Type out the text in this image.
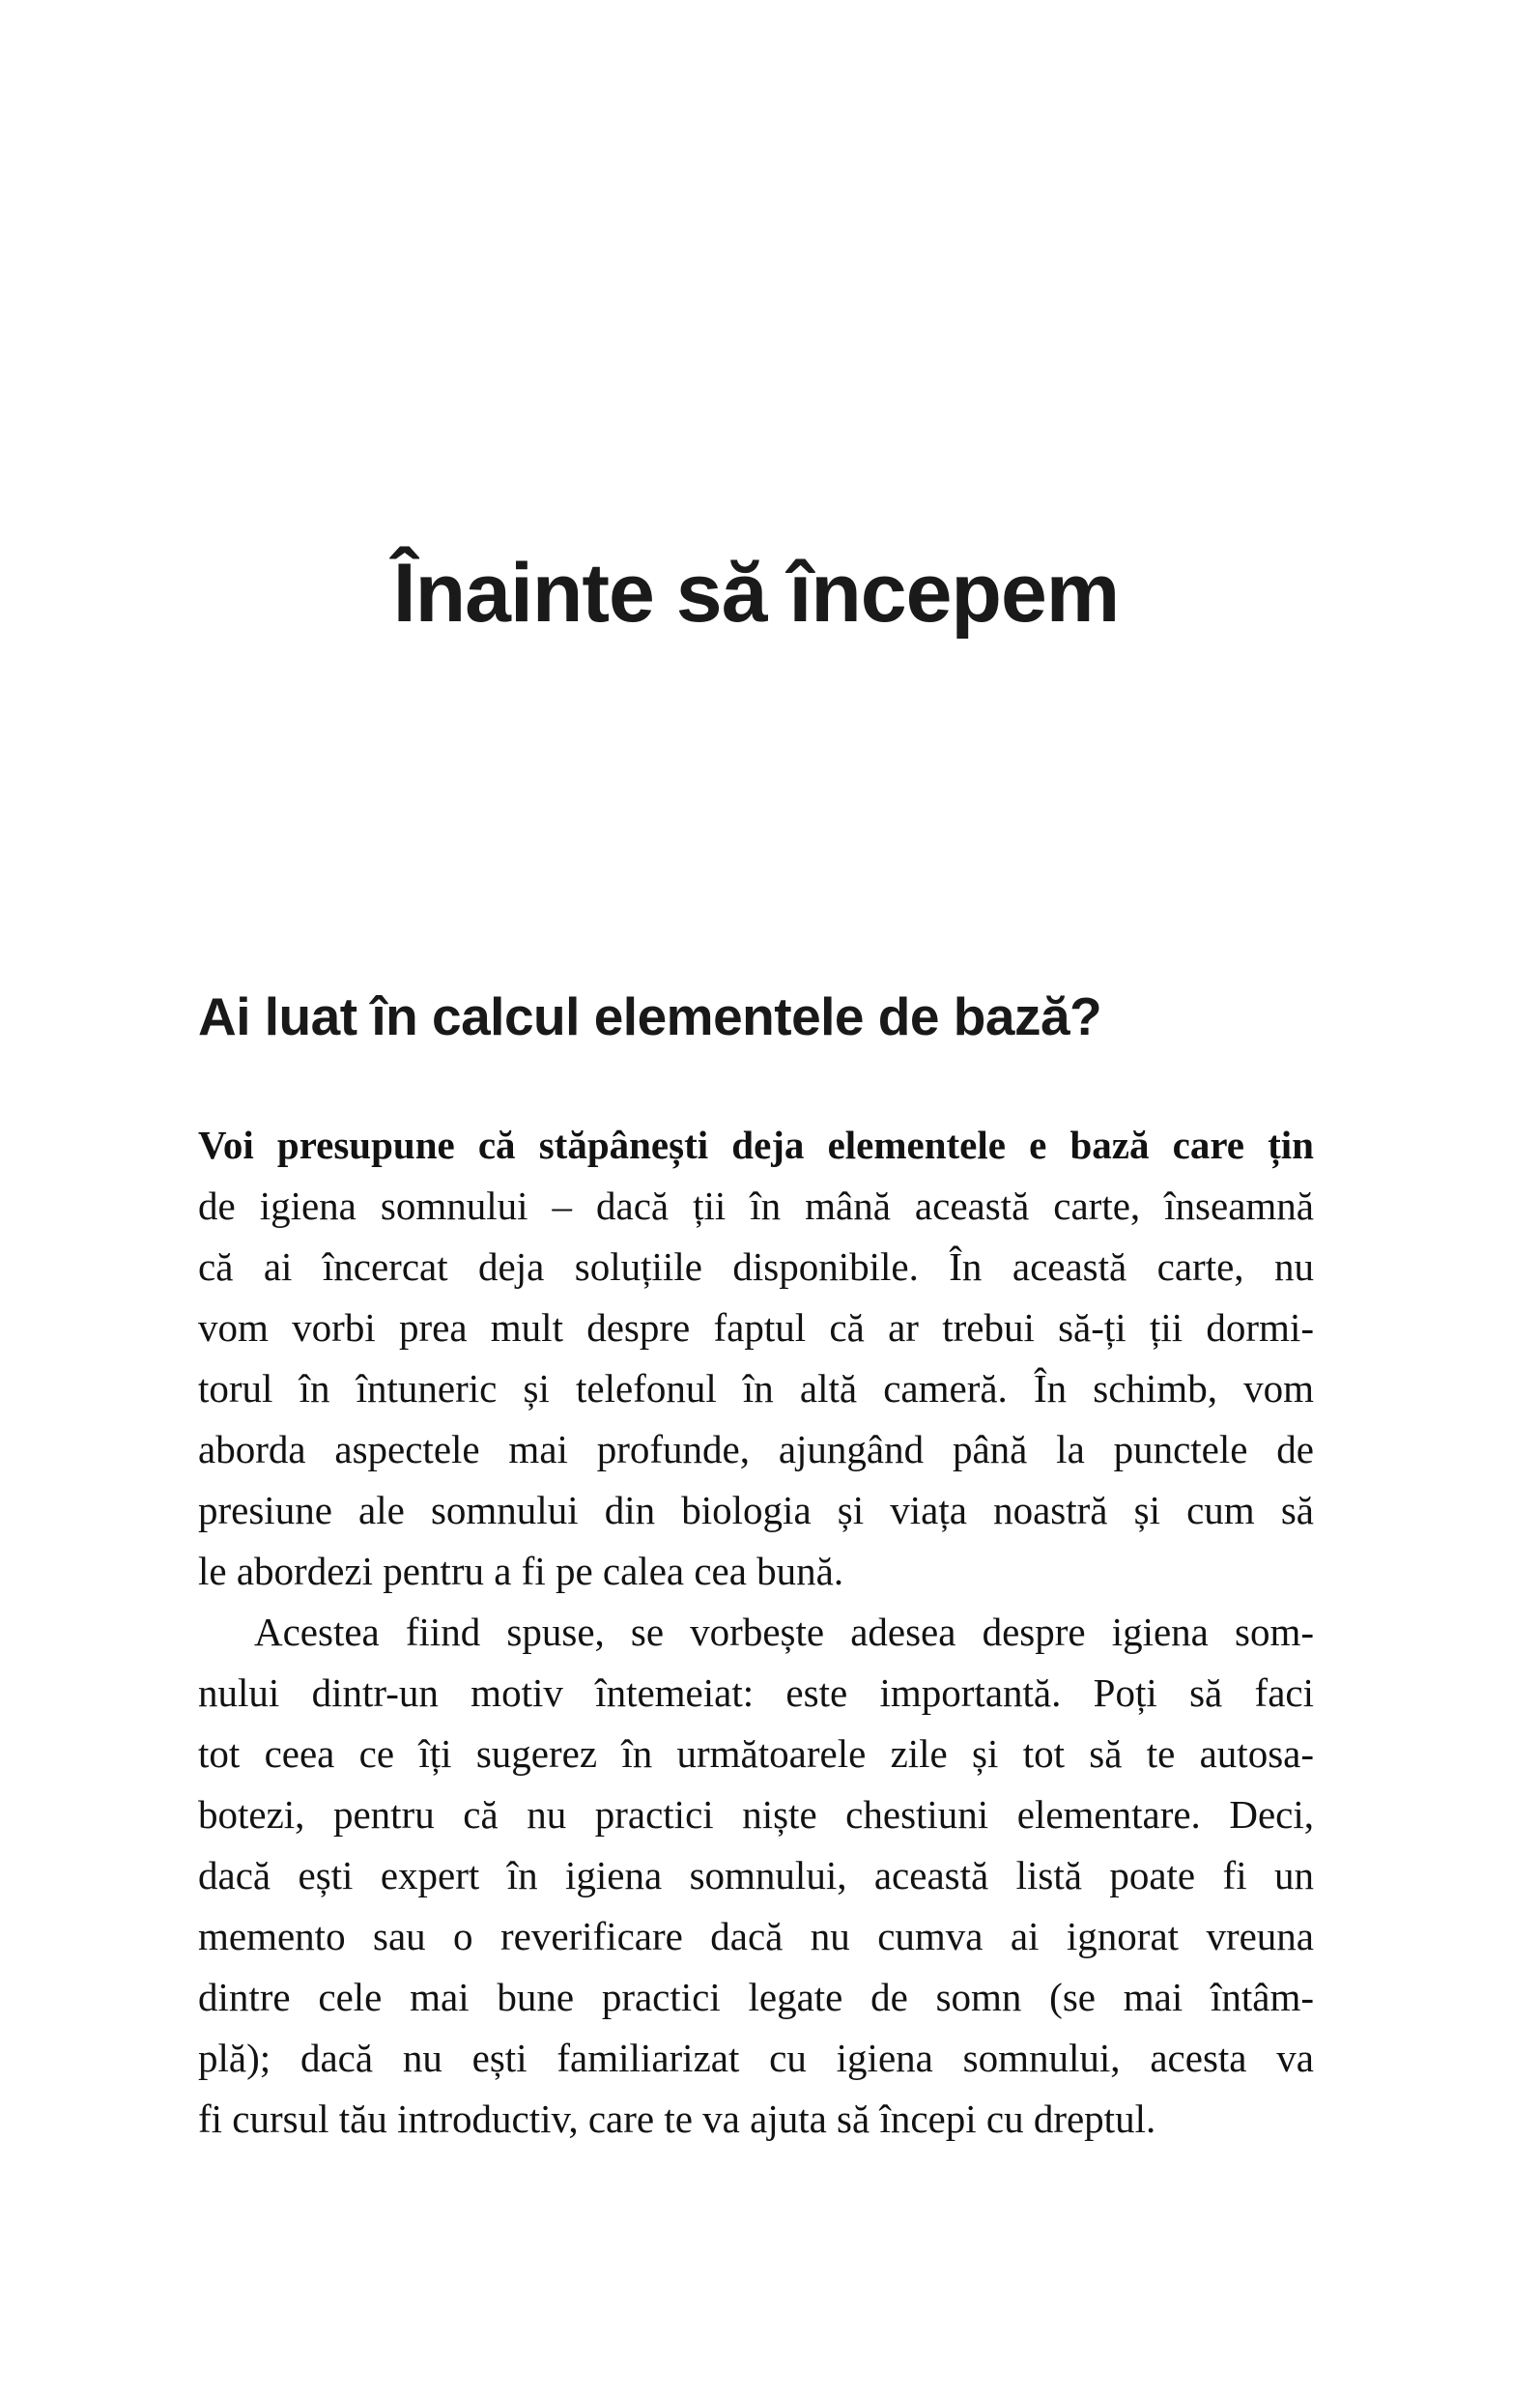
Înainte să începem
Ai luat în calcul elementele de bază?
Voi presupune că stăpânești deja elementele e bază care țin
de igiena somnului – dacă ții în mână această carte, înseamnă
că ai încercat deja soluțiile disponibile. În această carte, nu
vom vorbi prea mult despre faptul că ar trebui să-ți ții dormi-
torul în întuneric și telefonul în altă cameră. În schimb, vom
aborda aspectele mai profunde, ajungând până la punctele de
presiune ale somnului din biologia și viața noastră și cum să
le abordezi pentru a fi pe calea cea bună.
Acestea fiind spuse, se vorbește adesea despre igiena som-
nului dintr-un motiv întemeiat: este importantă. Poți să faci
tot ceea ce îți sugerez în următoarele zile și tot să te autosa-
botezi, pentru că nu practici niște chestiuni elementare. Deci,
dacă ești expert în igiena somnului, această listă poate fi un
memento sau o reverificare dacă nu cumva ai ignorat vreuna
dintre cele mai bune practici legate de somn (se mai întâm-
plă); dacă nu ești familiarizat cu igiena somnului, acesta va
fi cursul tău introductiv, care te va ajuta să începi cu dreptul.
